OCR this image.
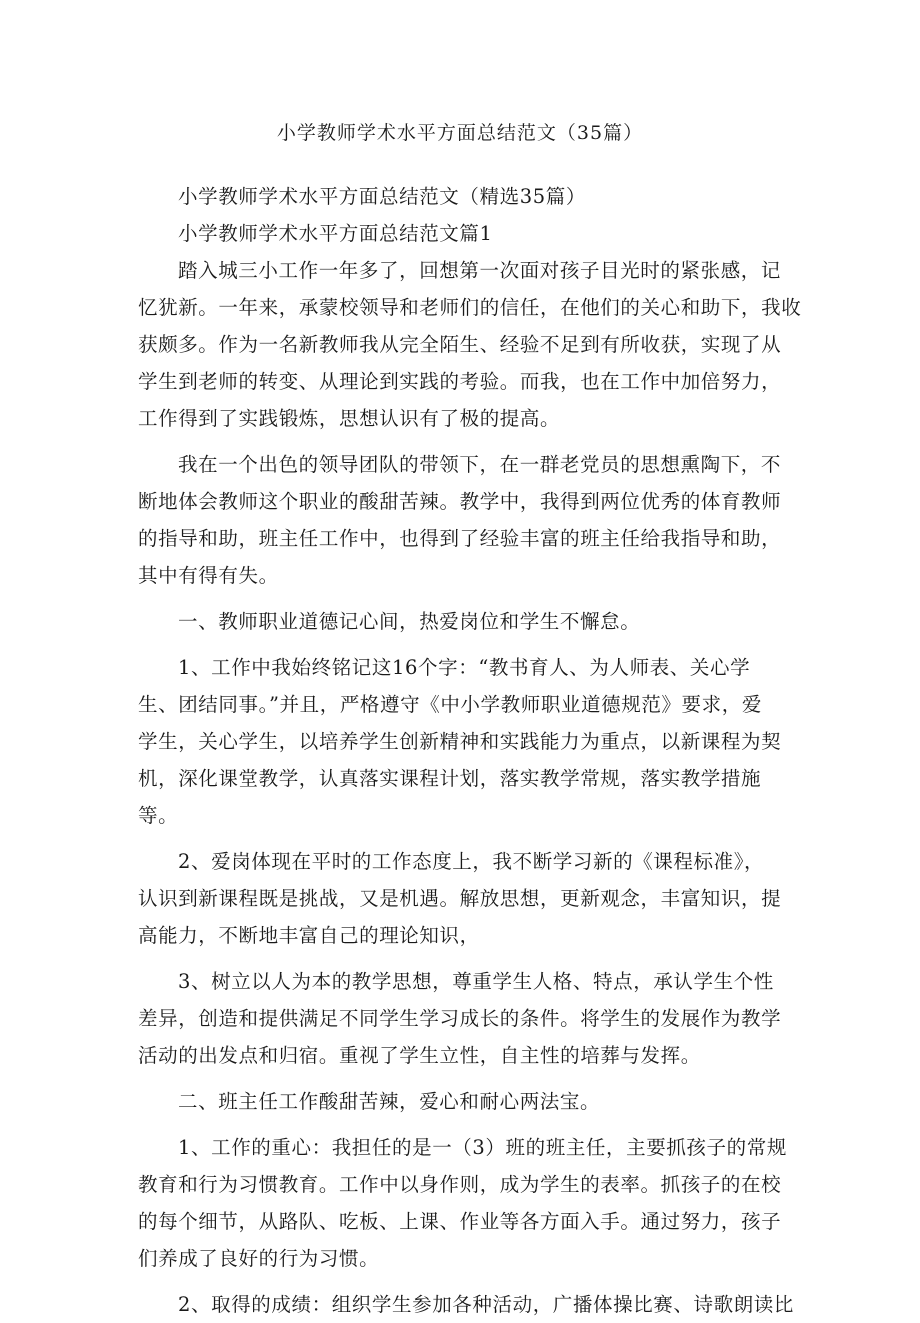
小学教师学术水平方面总结范文（35篇）
小学教师学术水平方面总结范文（精选35篇）
小学教师学术水平方面总结范文篇1
踏入城三小工作一年多了，回想第一次面对孩子目光时的紧张感，记
忆犹新。一年来，承蒙校领导和老师们的信任，在他们的关心和助下，我收
获颇多。作为一名新教师我从完全陌生、经验不足到有所收获，实现了从
学生到老师的转变、从理论到实践的考验。而我，也在工作中加倍努力，
工作得到了实践锻炼，思想认识有了极的提高。
我在一个出色的领导团队的带领下，在一群老党员的思想熏陶下，不
断地体会教师这个职业的酸甜苦辣。教学中，我得到两位优秀的体育教师
的指导和助，班主任工作中，也得到了经验丰富的班主任给我指导和助，
其中有得有失。
一、教师职业道德记心间，热爱岗位和学生不懈怠。
1、工作中我始终铭记这16个字：“教书育人、为人师表、关心学
生、团结同事。”并且，严格遵守《中小学教师职业道德规范》要求，爱
学生，关心学生，以培养学生创新精神和实践能力为重点，以新课程为契
机，深化课堂教学，认真落实课程计划，落实教学常规，落实教学措施
等。
2、爱岗体现在平时的工作态度上，我不断学习新的《课程标准》，
认识到新课程既是挑战，又是机遇。解放思想，更新观念，丰富知识，提
高能力，不断地丰富自己的理论知识，
3、树立以人为本的教学思想，尊重学生人格、特点，承认学生个性
差异，创造和提供满足不同学生学习成长的条件。将学生的发展作为教学
活动的出发点和归宿。重视了学生立性，自主性的培葬与发挥。
二、班主任工作酸甜苦辣，爱心和耐心两法宝。
1、工作的重心：我担任的是一（3）班的班主任，主要抓孩子的常规
教育和行为习惯教育。工作中以身作则，成为学生的表率。抓孩子的在校
的每个细节，从路队、吃板、上课、作业等各方面入手。通过努力，孩子
们养成了良好的行为习惯。
2、取得的成绩：组织学生参加各种活动，广播体操比赛、诗歌朗读比
